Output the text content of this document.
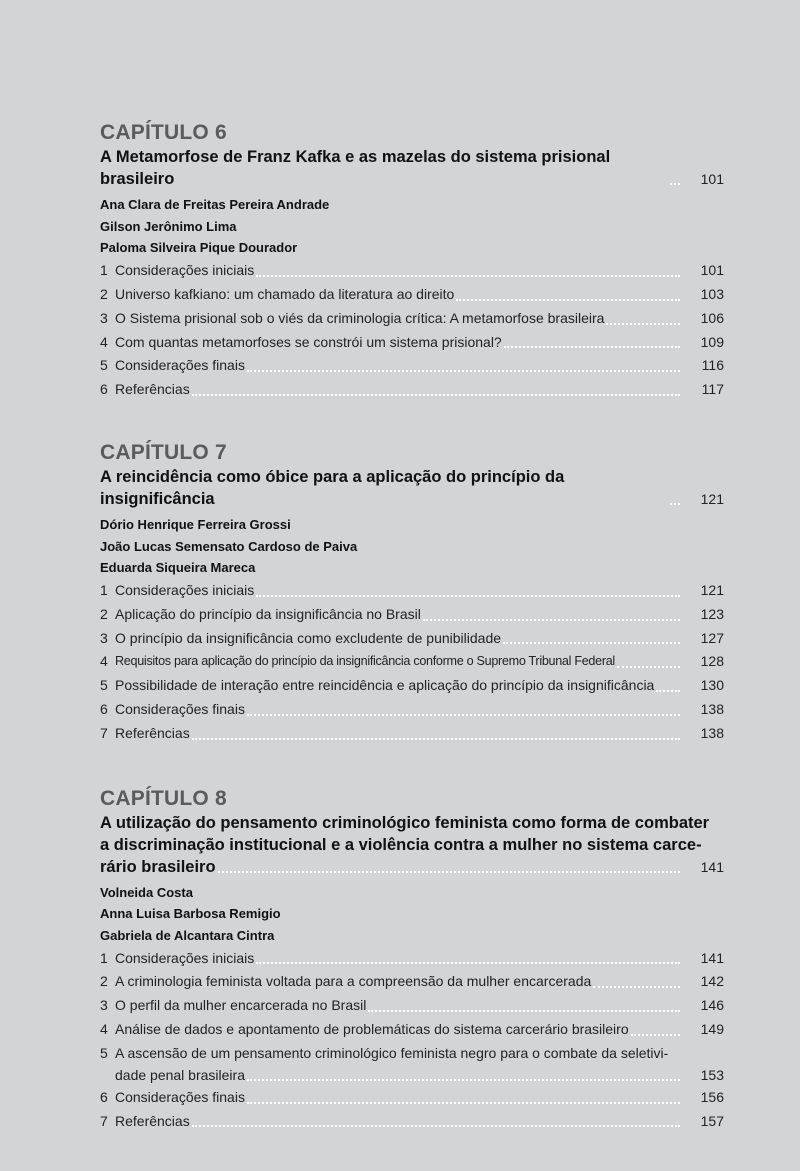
CAPÍTULO 6
A Metamorfose de Franz Kafka e as mazelas do sistema prisional brasileiro	101
Ana Clara de Freitas Pereira Andrade
Gilson Jerônimo Lima
Paloma Silveira Pique Dourador
1 Considerações iniciais	101
2 Universo kafkiano: um chamado da literatura ao direito	103
3 O Sistema prisional sob o viés da criminologia crítica: A metamorfose brasileira	106
4 Com quantas metamorfoses se constrói um sistema prisional?	109
5 Considerações finais	116
6 Referências	117
CAPÍTULO 7
A reincidência como óbice para a aplicação do princípio da insignificância	121
Dório Henrique Ferreira Grossi
João Lucas Semensato Cardoso de Paiva
Eduarda Siqueira Mareca
1 Considerações iniciais	121
2 Aplicação do princípio da insignificância no Brasil	123
3 O princípio da insignificância como excludente de punibilidade	127
4 Requisitos para aplicação do princípio da insignificância conforme o Supremo Tribunal Federal	128
5 Possibilidade de interação entre reincidência e aplicação do princípio da insignificância	130
6 Considerações finais	138
7 Referências	138
CAPÍTULO 8
A utilização do pensamento criminológico feminista como forma de combater
a discriminação institucional e a violência contra a mulher no sistema carce-
rário brasileiro	141
Volneida Costa
Anna Luisa Barbosa Remigio
Gabriela de Alcantara Cintra
1 Considerações iniciais	141
2 A criminologia feminista voltada para a compreensão da mulher encarcerada	142
3 O perfil da mulher encarcerada no Brasil	146
4 Análise de dados e apontamento de problemáticas do sistema carcerário brasileiro	149
5 A ascensão de um pensamento criminológico feminista negro para o combate da seletivi-
dade penal brasileira	153
6 Considerações finais	156
7 Referências	157
